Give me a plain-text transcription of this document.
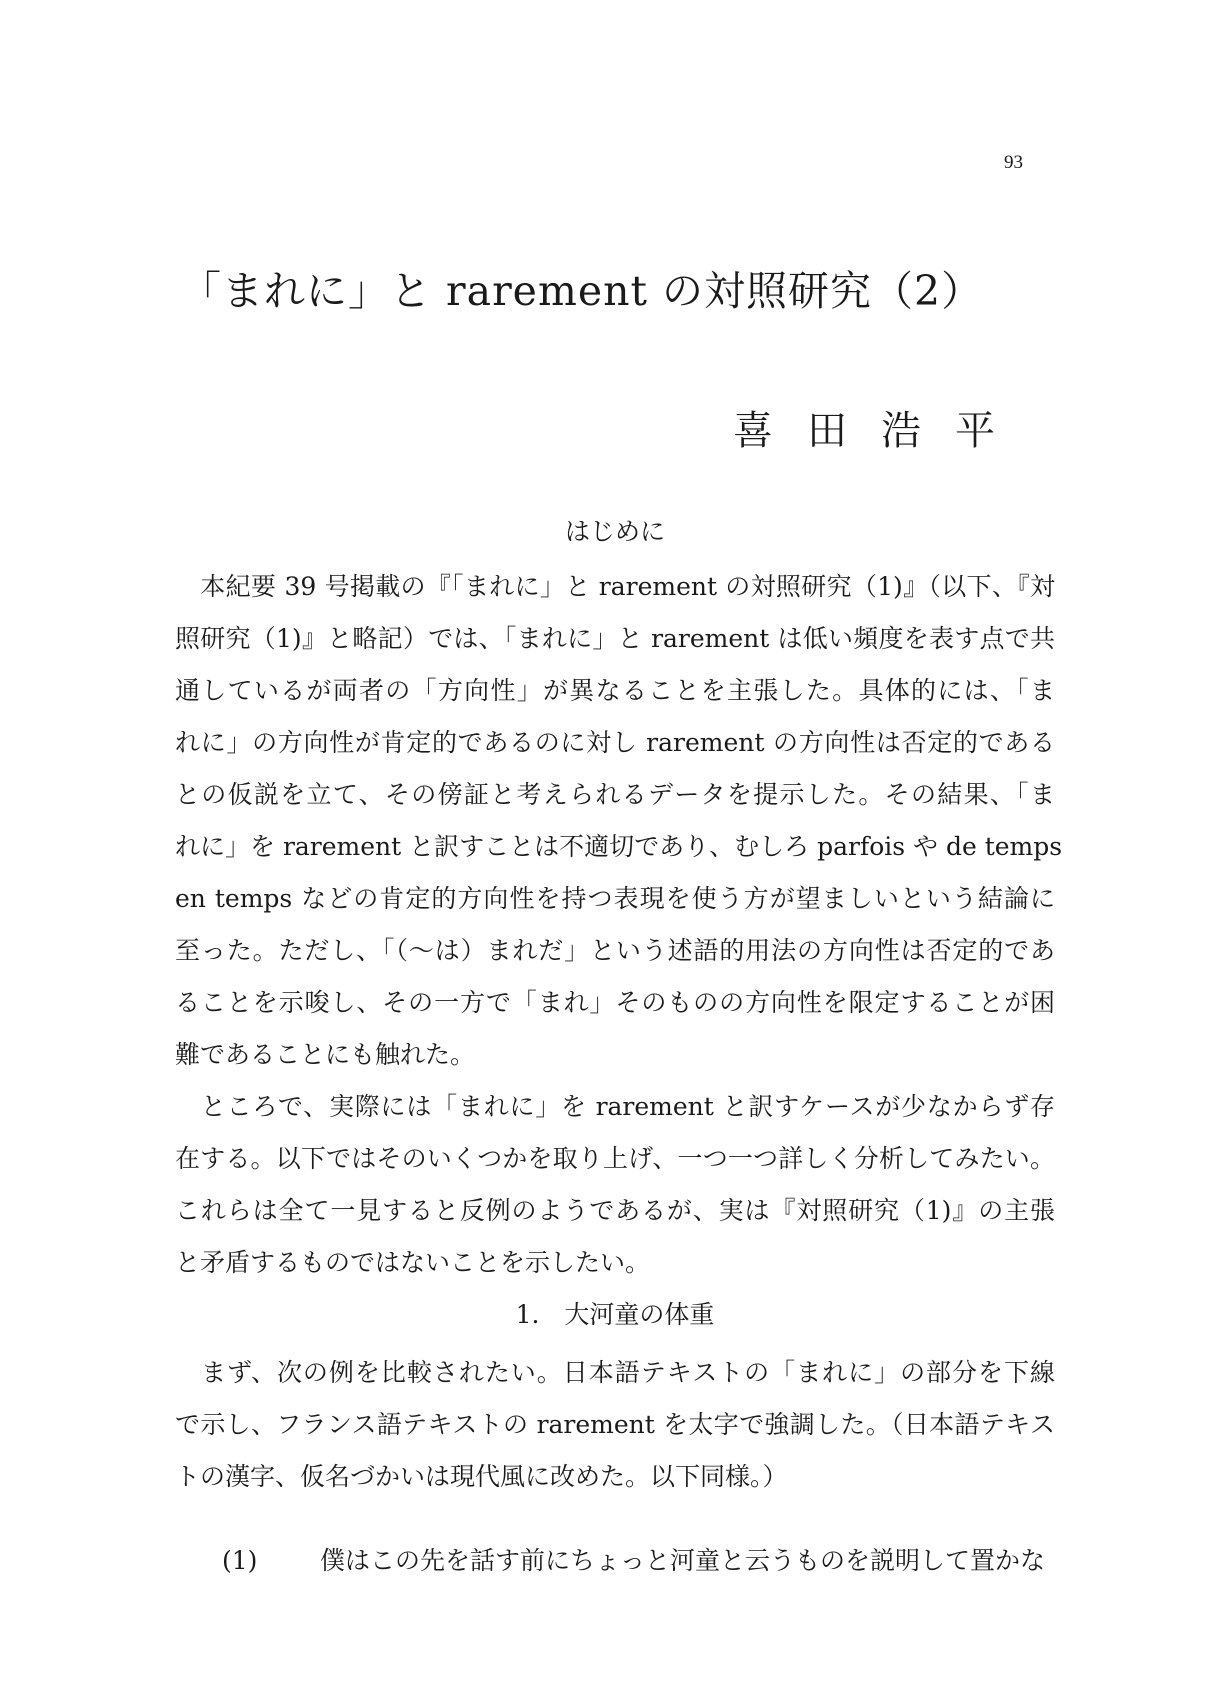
93
「まれに」と rarement の対照研究（2）
喜田浩平
はじめに
　本紀要 39 号掲載の『「まれに」と rarement の対照研究（1)』（以下、『対
照研究（1)』と略記）では、「まれに」と rarement は低い頻度を表す点で共
通しているが両者の「方向性」が異なることを主張した。具体的には、「ま
れに」の方向性が肯定的であるのに対し rarement の方向性は否定的である
との仮説を立て、その傍証と考えられるデータを提示した。その結果、「ま
れに」を rarement と訳すことは不適切であり、むしろ parfois や de temps
en temps などの肯定的方向性を持つ表現を使う方が望ましいという結論に
至った。ただし、「（〜は）まれだ」という述語的用法の方向性は否定的であ
ることを示唆し、その一方で「まれ」そのものの方向性を限定することが困
難であることにも触れた。
　ところで、実際には「まれに」を rarement と訳すケースが少なからず存
在する。以下ではそのいくつかを取り上げ、一つ一つ詳しく分析してみたい。
これらは全て一見すると反例のようであるが、実は『対照研究（1)』の主張
と矛盾するものではないことを示したい。
1.　大河童の体重
　まず、次の例を比較されたい。日本語テキストの「まれに」の部分を下線
で示し、フランス語テキストの rarement を太字で強調した。（日本語テキス
トの漢字、仮名づかいは現代風に改めた。以下同様。）
(1)	僕はこの先を話す前にちょっと河童と云うものを説明して置かな
